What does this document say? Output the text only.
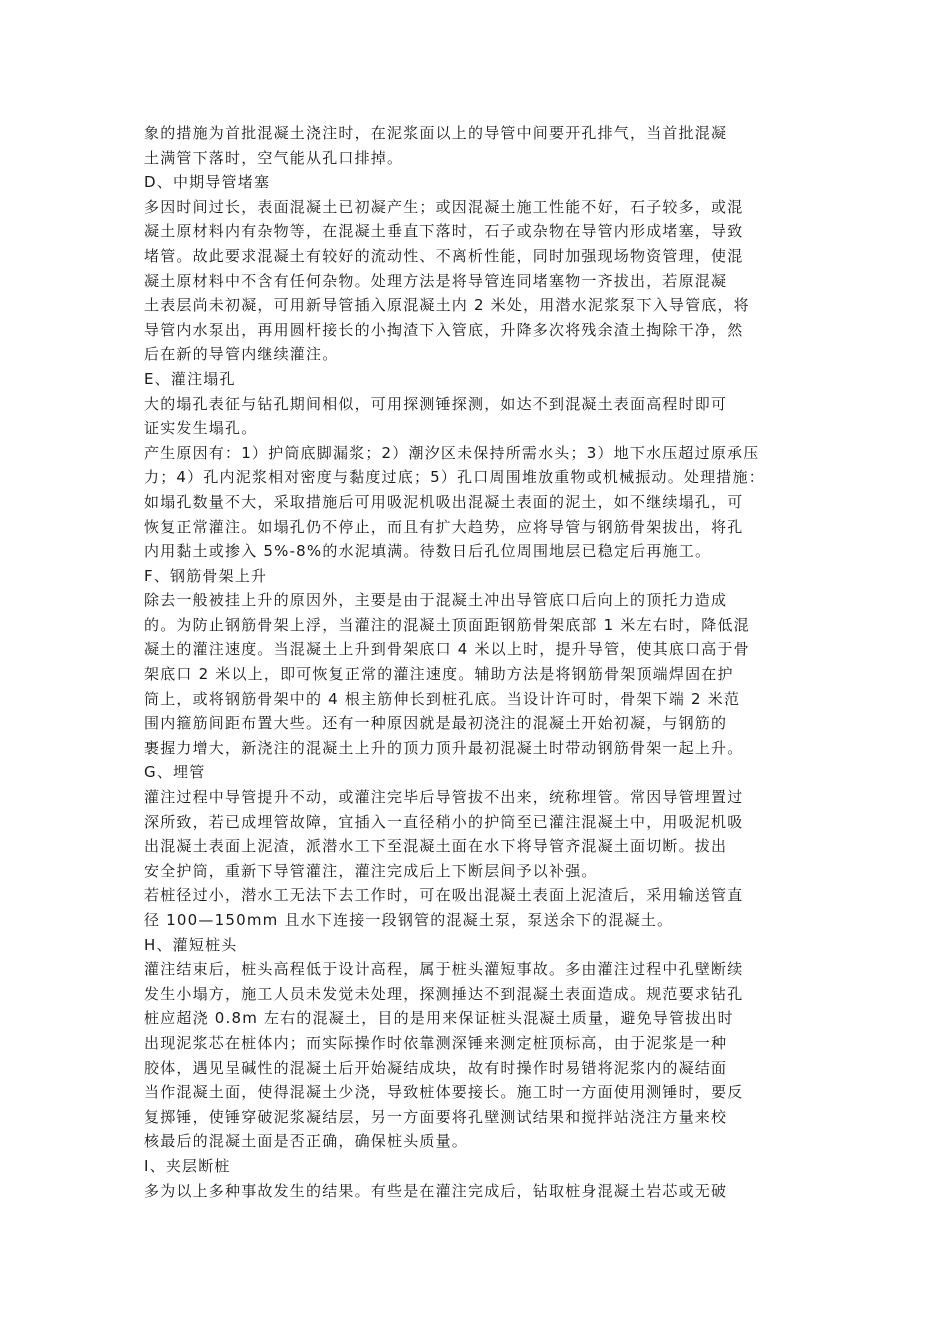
象的措施为首批混凝土浇注时，在泥浆面以上的导管中间要开孔排气，当首批混凝
土满管下落时，空气能从孔口排掉。
D、中期导管堵塞
多因时间过长，表面混凝土已初凝产生；或因混凝土施工性能不好，石子较多，或混
凝土原材料内有杂物等，在混凝土垂直下落时，石子或杂物在导管内形成堵塞，导致
堵管。故此要求混凝土有较好的流动性、不离析性能，同时加强现场物资管理，使混
凝土原材料中不含有任何杂物。处理方法是将导管连同堵塞物一齐拔出，若原混凝
土表层尚未初凝，可用新导管插入原混凝土内 2 米处，用潜水泥浆泵下入导管底，将
导管内水泵出，再用圆杆接长的小掏渣下入管底，升降多次将残余渣土掏除干净，然
后在新的导管内继续灌注。
E、灌注塌孔
大的塌孔表征与钻孔期间相似，可用探测锤探测，如达不到混凝土表面高程时即可
证实发生塌孔。
产生原因有：1）护筒底脚漏浆；2）潮汐区未保持所需水头；3）地下水压超过原承压
力；4）孔内泥浆相对密度与黏度过底；5）孔口周围堆放重物或机械振动。处理措施：
如塌孔数量不大，采取措施后可用吸泥机吸出混凝土表面的泥土，如不继续塌孔，可
恢复正常灌注。如塌孔仍不停止，而且有扩大趋势，应将导管与钢筋骨架拔出，将孔
内用黏土或掺入 5%-8%的水泥填满。待数日后孔位周围地层已稳定后再施工。
F、钢筋骨架上升
除去一般被挂上升的原因外，主要是由于混凝土冲出导管底口后向上的顶托力造成
的。为防止钢筋骨架上浮，当灌注的混凝土顶面距钢筋骨架底部 1 米左右时，降低混
凝土的灌注速度。当混凝土上升到骨架底口 4 米以上时，提升导管，使其底口高于骨
架底口 2 米以上，即可恢复正常的灌注速度。辅助方法是将钢筋骨架顶端焊固在护
筒上，或将钢筋骨架中的 4 根主筋伸长到桩孔底。当设计许可时，骨架下端 2 米范
围内箍筋间距布置大些。还有一种原因就是最初浇注的混凝土开始初凝，与钢筋的
裹握力增大，新浇注的混凝土上升的顶力顶升最初混凝土时带动钢筋骨架一起上升。
G、埋管
灌注过程中导管提升不动，或灌注完毕后导管拔不出来，统称埋管。常因导管埋置过
深所致，若已成埋管故障，宜插入一直径稍小的护筒至已灌注混凝土中，用吸泥机吸
出混凝土表面上泥渣，派潜水工下至混凝土面在水下将导管齐混凝土面切断。拔出
安全护筒，重新下导管灌注，灌注完成后上下断层间予以补强。
若桩径过小，潜水工无法下去工作时，可在吸出混凝土表面上泥渣后，采用输送管直
径 100—150mm 且水下连接一段钢管的混凝土泵，泵送余下的混凝土。
H、灌短桩头
灌注结束后，桩头高程低于设计高程，属于桩头灌短事故。多由灌注过程中孔壁断续
发生小塌方，施工人员未发觉未处理，探测捶达不到混凝土表面造成。规范要求钻孔
桩应超浇 0.8m 左右的混凝土，目的是用来保证桩头混凝土质量，避免导管拔出时
出现泥浆芯在桩体内；而实际操作时依靠测深锤来测定桩顶标高，由于泥浆是一种
胶体，遇见呈碱性的混凝土后开始凝结成块，故有时操作时易错将泥浆内的凝结面
当作混凝土面，使得混凝土少浇，导致桩体要接长。施工时一方面使用测锤时，要反
复掷锤，使锤穿破泥浆凝结层，另一方面要将孔壁测试结果和搅拌站浇注方量来校
核最后的混凝土面是否正确，确保桩头质量。
I、夹层断桩
多为以上多种事故发生的结果。有些是在灌注完成后，钻取桩身混凝土岩芯或无破
